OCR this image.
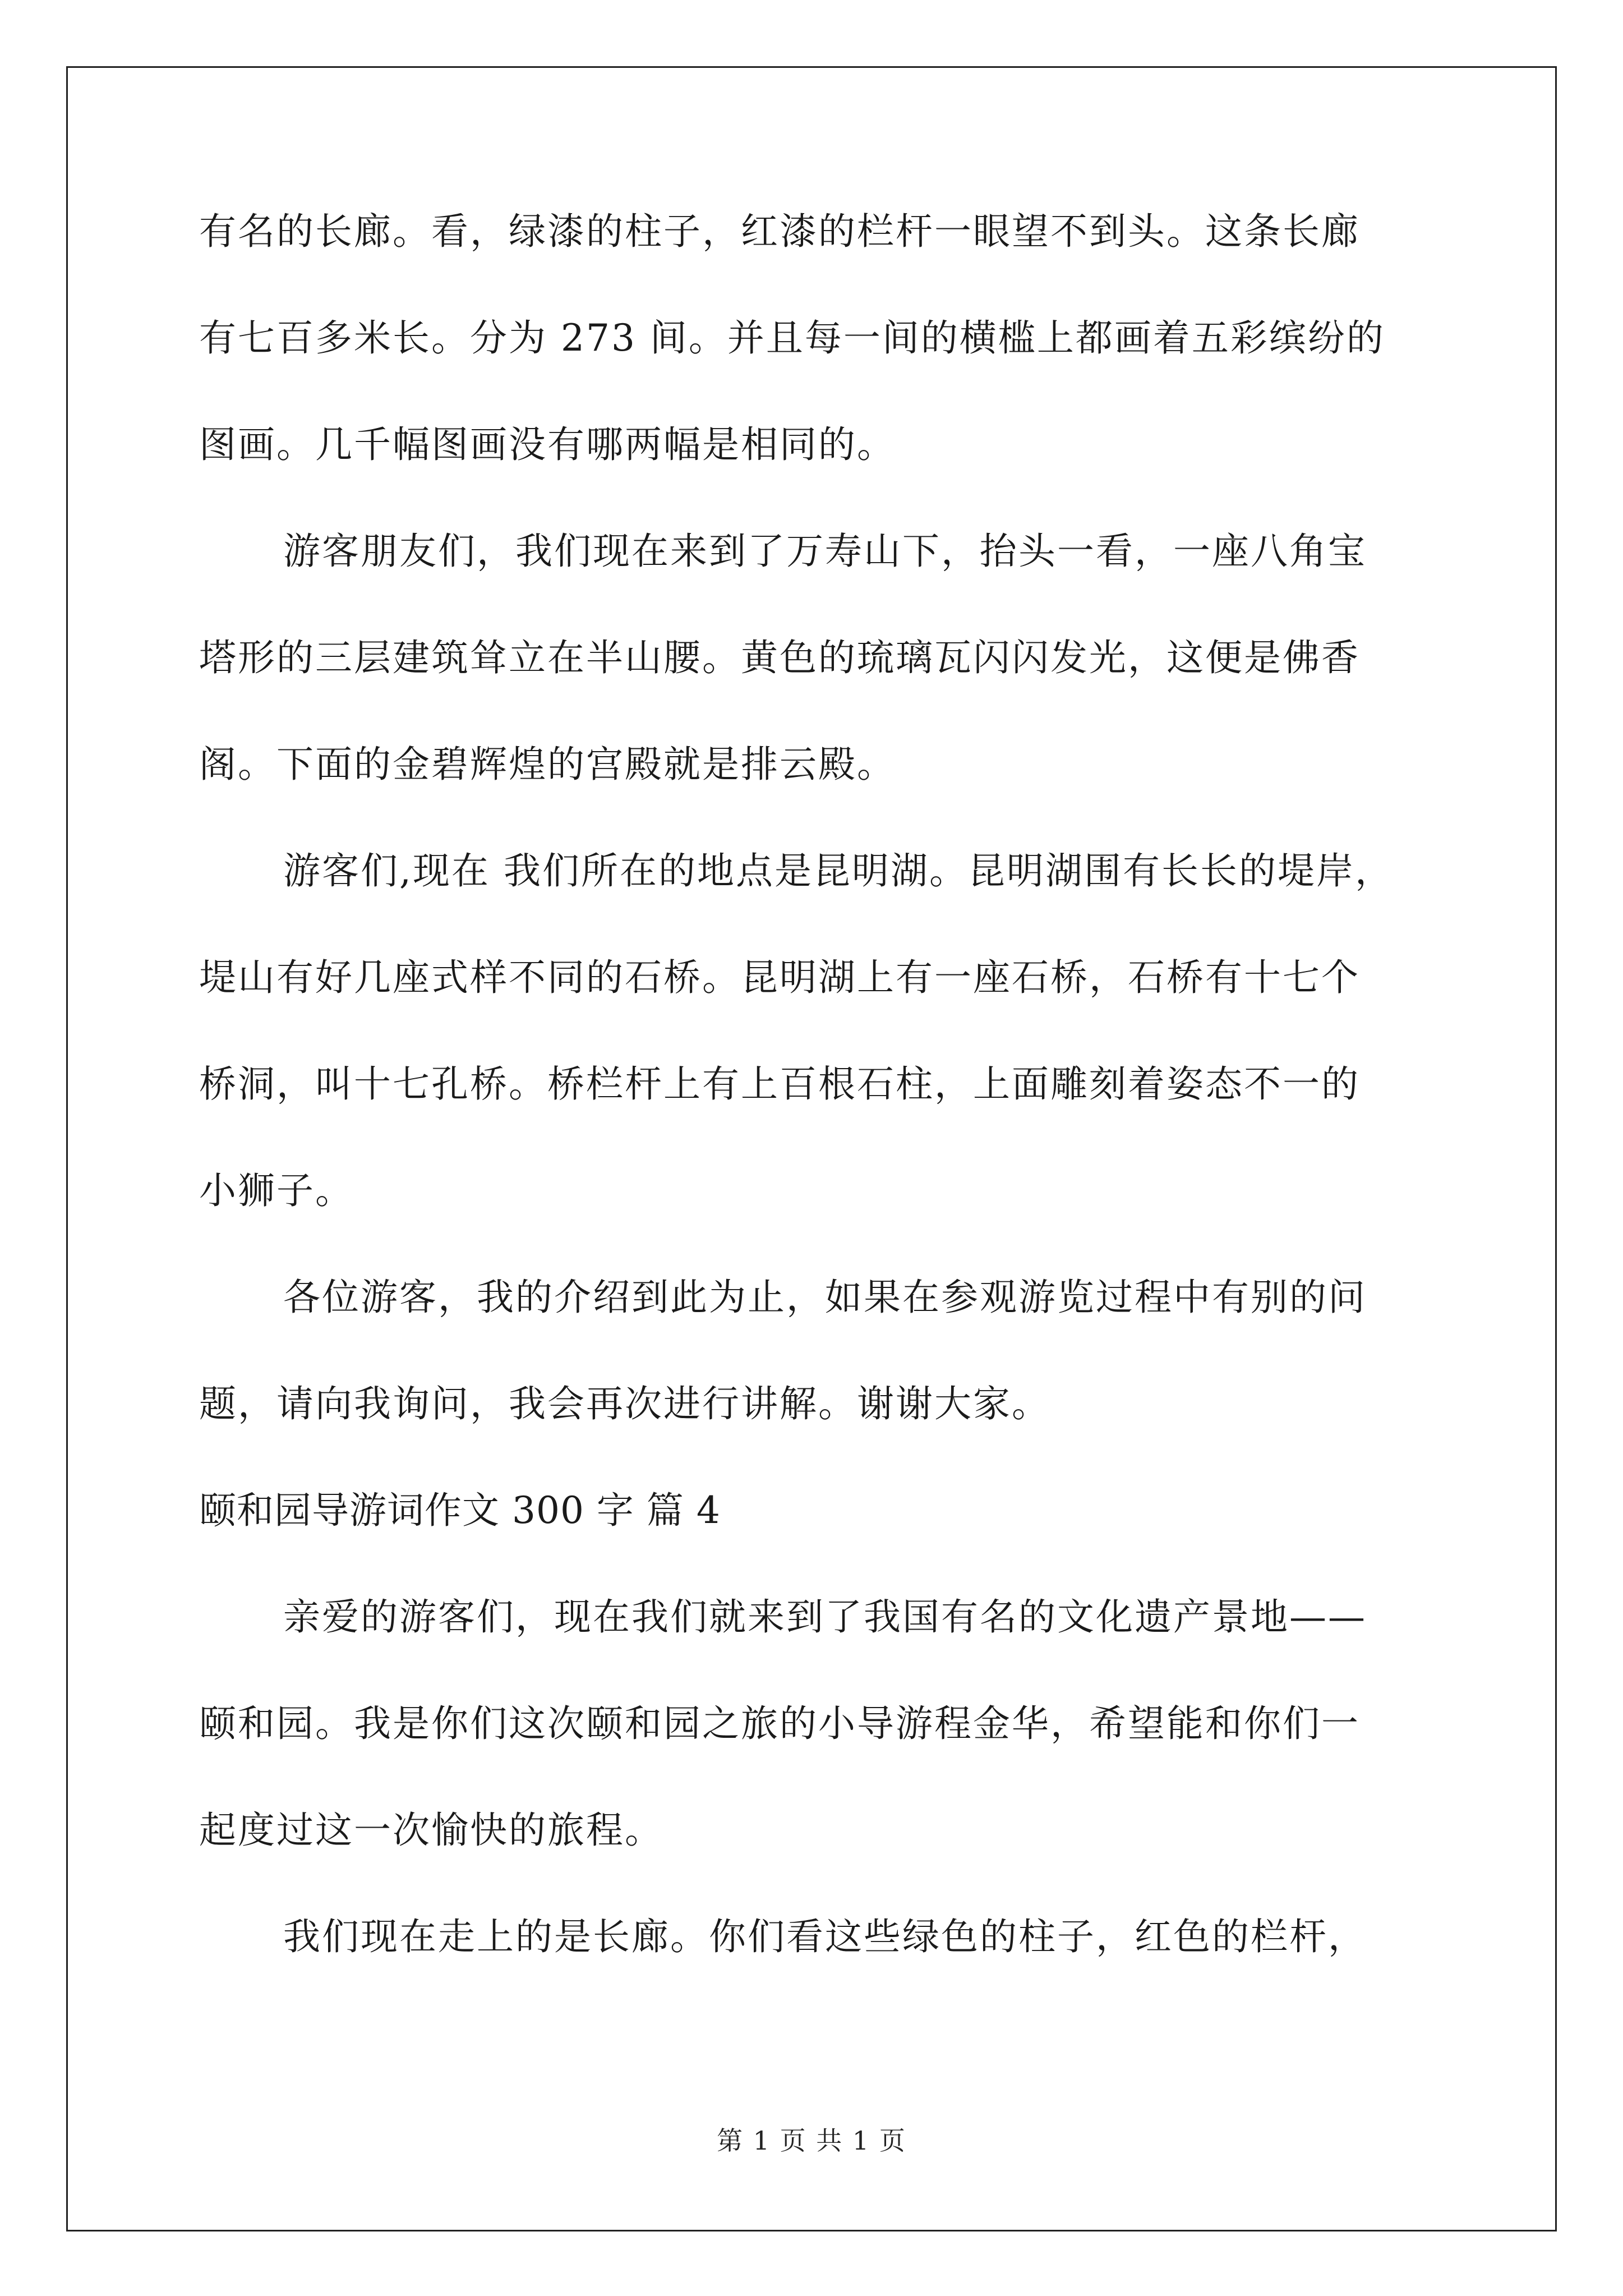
有名的长廊。看，绿漆的柱子，红漆的栏杆一眼望不到头。这条长廊
有七百多米长。分为 273 间。并且每一间的横槛上都画着五彩缤纷的
图画。几千幅图画没有哪两幅是相同的。
游客朋友们，我们现在来到了万寿山下，抬头一看，一座八角宝
塔形的三层建筑耸立在半山腰。黄色的琉璃瓦闪闪发光，这便是佛香
阁。下面的金碧辉煌的宫殿就是排云殿。
游客们,现在 我们所在的地点是昆明湖。昆明湖围有长长的堤岸，
堤山有好几座式样不同的石桥。昆明湖上有一座石桥，石桥有十七个
桥洞，叫十七孔桥。桥栏杆上有上百根石柱，上面雕刻着姿态不一的
小狮子。
各位游客，我的介绍到此为止，如果在参观游览过程中有别的问
题，请向我询问，我会再次进行讲解。谢谢大家。
颐和园导游词作文 300 字 篇 4
亲爱的游客们，现在我们就来到了我国有名的文化遗产景地——
颐和园。我是你们这次颐和园之旅的小导游程金华，希望能和你们一
起度过这一次愉快的旅程。
我们现在走上的是长廊。你们看这些绿色的柱子，红色的栏杆，
第 1 页 共 1 页
